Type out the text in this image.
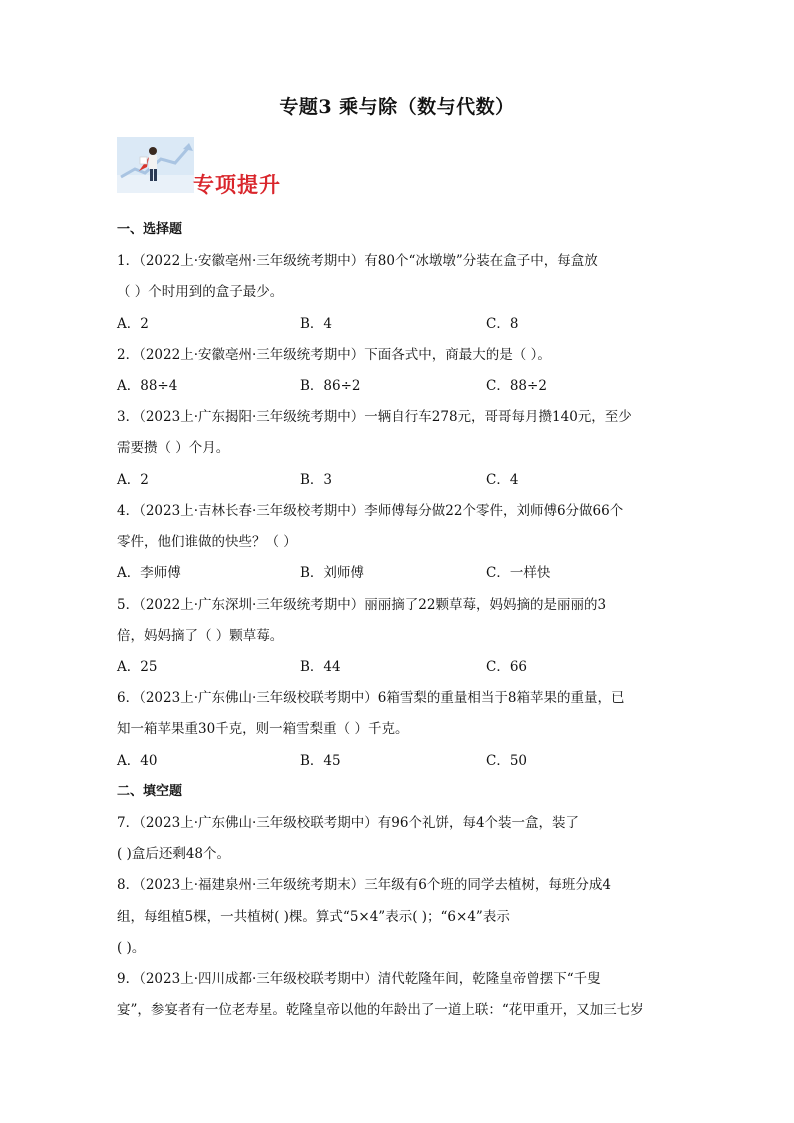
专题3 乘与除（数与代数）
专项提升
一、选择题
1．（2022上·安徽亳州·三年级统考期中）有80个“冰墩墩”分装在盒子中，每盒放
（ ）个时用到的盒子最少。
A．2	B．4	C．8
2．（2022上·安徽亳州·三年级统考期中）下面各式中，商最大的是（ ）。
A．88÷4	B．86÷2	C．88÷2
3．（2023上·广东揭阳·三年级统考期中）一辆自行车278元，哥哥每月攒140元，至少
需要攒（ ）个月。
A．2	B．3	C．4
4．（2023上·吉林长春·三年级校考期中）李师傅每分做22个零件，刘师傅6分做66个
零件，他们谁做的快些？（ ）
A．李师傅	B．刘师傅	C．一样快
5．（2022上·广东深圳·三年级统考期中）丽丽摘了22颗草莓，妈妈摘的是丽丽的3
倍，妈妈摘了（ ）颗草莓。
A．25	B．44	C．66
6．（2023上·广东佛山·三年级校联考期中）6箱雪梨的重量相当于8箱苹果的重量，已
知一箱苹果重30千克，则一箱雪梨重（ ）千克。
A．40	B．45	C．50
二、填空题
7．（2023上·广东佛山·三年级校联考期中）有96个礼饼，每4个装一盒，装了
( )盒后还剩48个。
8．（2023上·福建泉州·三年级统考期末）三年级有6个班的同学去植树，每班分成4
组，每组植5棵，一共植树( )棵。算式“5×4”表示( )；“6×4”表示
( )。
9．（2023上·四川成都·三年级校联考期中）清代乾隆年间，乾隆皇帝曾摆下“千叟
宴”，参宴者有一位老寿星。乾隆皇帝以他的年龄出了一道上联：“花甲重开，又加三七岁
